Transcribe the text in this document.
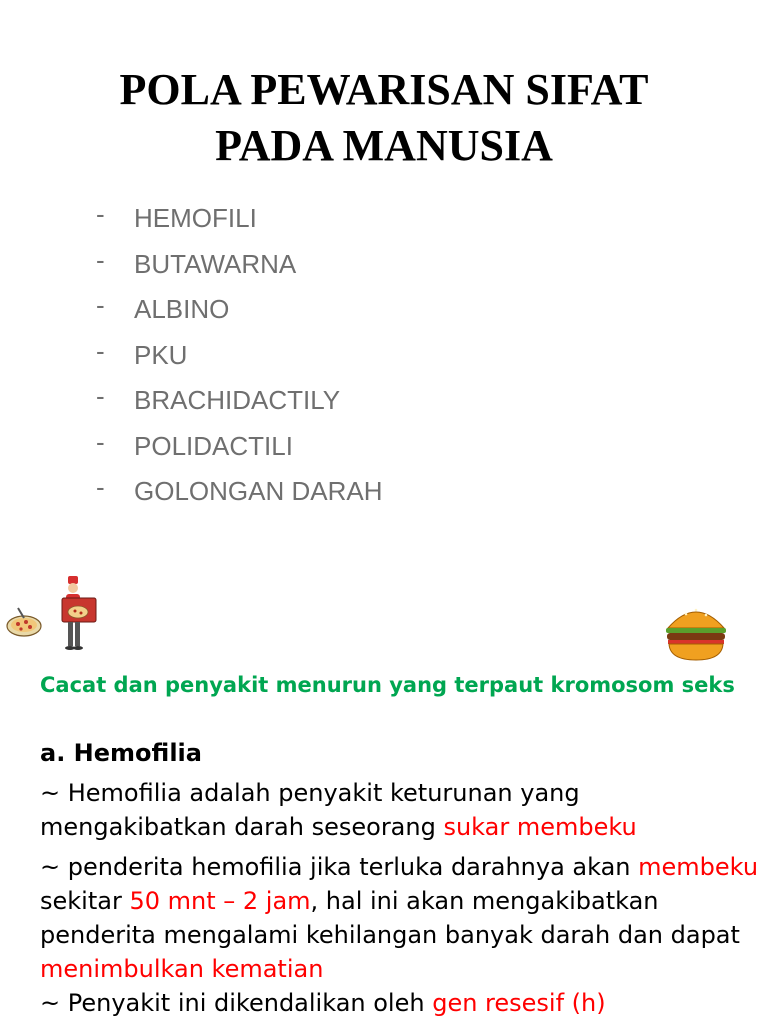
POLA PEWARISAN SIFAT
PADA MANUSIA
- HEMOFILI
- BUTAWARNA
- ALBINO
- PKU
- BRACHIDACTILY
- POLIDACTILI
- GOLONGAN DARAH

Cacat dan penyakit menurun yang terpaut kromosom seks

a. Hemofilia

~ Hemofilia adalah penyakit keturunan yang mengakibatkan darah seseorang sukar membeku

~ penderita hemofilia jika terluka darahnya akan membeku sekitar 50 mnt – 2 jam, hal ini akan mengakibatkan penderita mengalami kehilangan banyak darah dan dapat menimbulkan kematian

~ Penyakit ini dikendalikan oleh gen resesif (h)
